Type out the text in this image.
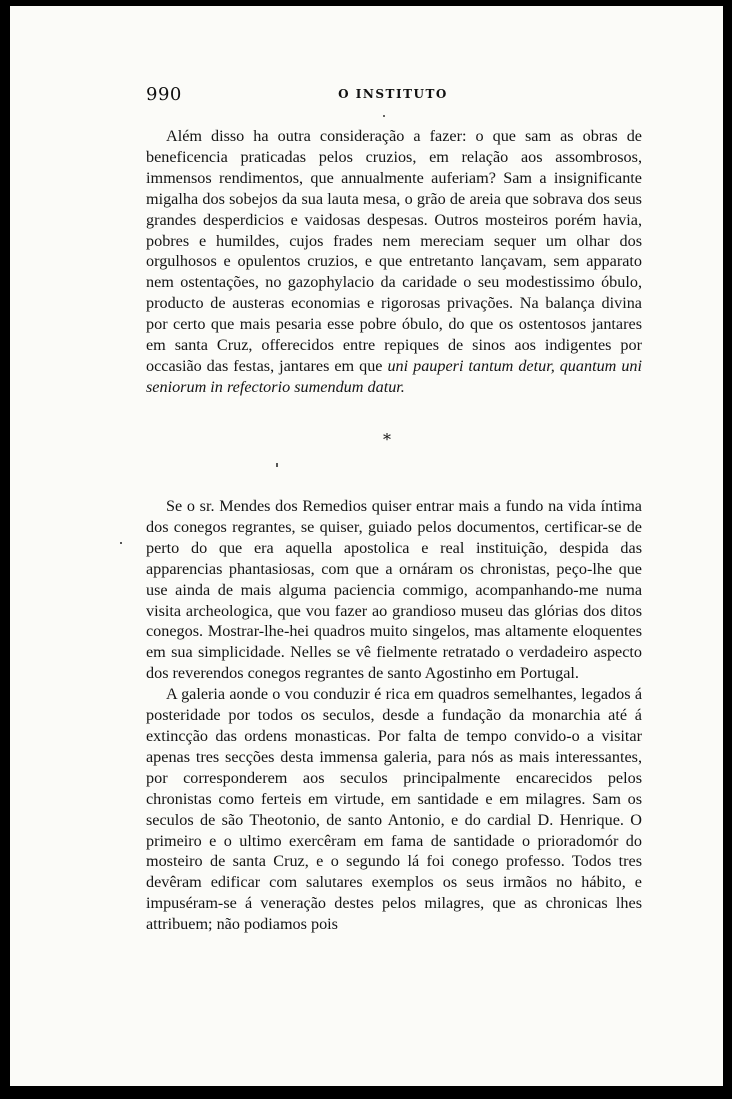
990	O INSTITUTO

Além disso ha outra consideração a fazer: o que sam as obras de beneficencia praticadas pelos cruzios, em relação aos assombrosos, immensos rendimentos, que annualmente auferiam? Sam a insignificante migalha dos sobejos da sua lauta mesa, o grão de areia que sobrava dos seus grandes desperdicios e vaidosas despesas. Outros mosteiros porém havia, pobres e humildes, cujos frades nem mereciam sequer um olhar dos orgulhosos e opulentos cruzios, e que entretanto lançavam, sem apparato nem ostentações, no gazophylacio da caridade o seu modestissimo óbulo, producto de austeras economias e rigorosas privações. Na balança divina por certo que mais pesaria esse pobre óbulo, do que os ostentosos jantares em santa Cruz, offerecidos entre repiques de sinos aos indigentes por occasião das festas, jantares em que uni pauperi tantum detur, quantum uni seniorum in refectorio sumendum datur.

*

Se o sr. Mendes dos Remedios quiser entrar mais a fundo na vida íntima dos conegos regrantes, se quiser, guiado pelos documentos, certificar-se de perto do que era aquella apostolica e real instituição, despida das apparencias phantasiosas, com que a ornáram os chronistas, peço-lhe que use ainda de mais alguma paciencia commigo, acompanhando-me numa visita archeologica, que vou fazer ao grandioso museu das glórias dos ditos conegos. Mostrar-lhe-hei quadros muito singelos, mas altamente eloquentes em sua simplicidade. Nelles se vê fielmente retratado o verdadeiro aspecto dos reverendos conegos regrantes de santo Agostinho em Portugal.

A galeria aonde o vou conduzir é rica em quadros semelhantes, legados á posteridade por todos os seculos, desde a fundação da monarchia até á extincção das ordens monasticas. Por falta de tempo convido-o a visitar apenas tres secções desta immensa galeria, para nós as mais interessantes, por corresponderem aos seculos principalmente encarecidos pelos chronistas como ferteis em virtude, em santidade e em milagres. Sam os seculos de são Theotonio, de santo Antonio, e do cardial D. Henrique. O primeiro e o ultimo exercêram em fama de santidade o prioradomór do mosteiro de santa Cruz, e o segundo lá foi conego professo. Todos tres devêram edificar com salutares exemplos os seus irmãos no hábito, e impuséram-se á veneração destes pelos milagres, que as chronicas lhes attribuem; não podiamos pois
